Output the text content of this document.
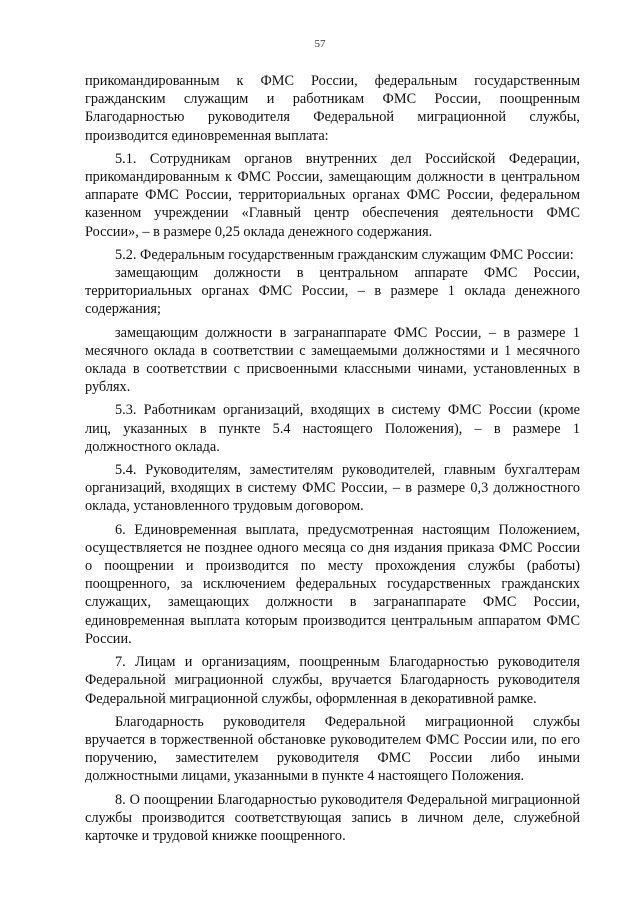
57

прикомандированным к ФМС России, федеральным государственным гражданским служащим и работникам ФМС России, поощренным Благодарностью руководителя Федеральной миграционной службы, производится единовременная выплата:

5.1. Сотрудникам органов внутренних дел Российской Федерации, прикомандированным к ФМС России, замещающим должности в центральном аппарате ФМС России, территориальных органах ФМС России, федеральном казенном учреждении «Главный центр обеспечения деятельности ФМС России», – в размере 0,25 оклада денежного содержания.

5.2. Федеральным государственным гражданским служащим ФМС России:

замещающим должности в центральном аппарате ФМС России, территориальных органах ФМС России, – в размере 1 оклада денежного содержания;

замещающим должности в загранаппарате ФМС России, – в размере 1 месячного оклада в соответствии с замещаемыми должностями и 1 месячного оклада в соответствии с присвоенными классными чинами, установленных в рублях.

5.3. Работникам организаций, входящих в систему ФМС России (кроме лиц, указанных в пункте 5.4 настоящего Положения), – в размере 1 должностного оклада.

5.4. Руководителям, заместителям руководителей, главным бухгалтерам организаций, входящих в систему ФМС России, – в размере 0,3 должностного оклада, установленного трудовым договором.

6. Единовременная выплата, предусмотренная настоящим Положением, осуществляется не позднее одного месяца со дня издания приказа ФМС России о поощрении и производится по месту прохождения службы (работы) поощренного, за исключением федеральных государственных гражданских служащих, замещающих должности в загранаппарате ФМС России, единовременная выплата которым производится центральным аппаратом ФМС России.

7. Лицам и организациям, поощренным Благодарностью руководителя Федеральной миграционной службы, вручается Благодарность руководителя Федеральной миграционной службы, оформленная в декоративной рамке.

Благодарность руководителя Федеральной миграционной службы вручается в торжественной обстановке руководителем ФМС России или, по его поручению, заместителем руководителя ФМС России либо иными должностными лицами, указанными в пункте 4 настоящего Положения.

8. О поощрении Благодарностью руководителя Федеральной миграционной службы производится соответствующая запись в личном деле, служебной карточке и трудовой книжке поощренного.
